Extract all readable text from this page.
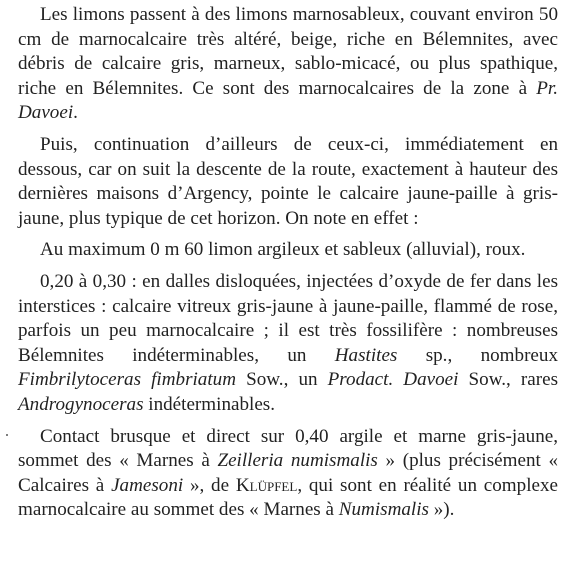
Les limons passent à des limons marnosableux, couvant environ 50 cm de marnocalcaire très altéré, beige, riche en Bélemnites, avec débris de calcaire gris, marneux, sablo-micacé, ou plus spathique, riche en Bélemnites. Ce sont des marnocalcaires de la zone à Pr. Davoei.

Puis, continuation d’ailleurs de ceux-ci, immédiatement en dessous, car on suit la descente de la route, exactement à hauteur des dernières maisons d’Argency, pointe le calcaire jaune-paille à gris-jaune, plus typique de cet horizon. On note en effet :

Au maximum 0 m 60 limon argileux et sableux (alluvial), roux.

0,20 à 0,30 : en dalles disloquées, injectées d’oxyde de fer dans les interstices : calcaire vitreux gris-jaune à jaune-paille, flammé de rose, parfois un peu marnocalcaire ; il est très fossilifère : nombreuses Bélemnites indéterminables, un Hastites sp., nombreux Fimbrilytoceras fimbriatum Sow., un Prodact. Davoei Sow., rares Androgynoceras indéterminables.

Contact brusque et direct sur 0,40 argile et marne gris-jaune, sommet des « Marnes à Zeilleria numismalis » (plus précisément « Calcaires à Jamesoni », de Klüpfel, qui sont en réalité un complexe marnocalcaire au sommet des « Marnes à Numismalis »).
